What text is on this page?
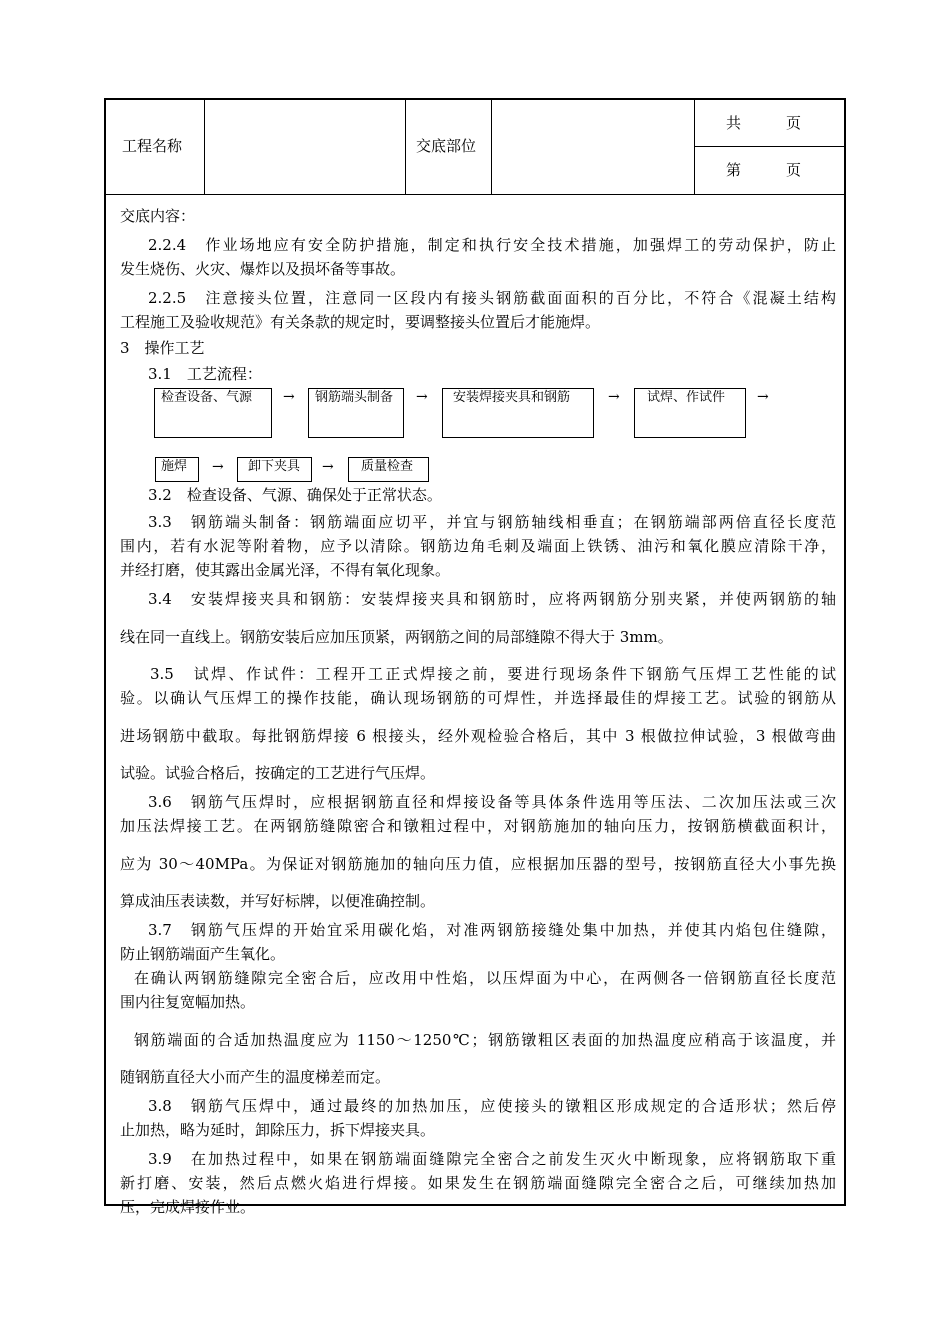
工程名称	交底部位
共　　　页
第　　　页
交底内容：
2.2.4　作业场地应有安全防护措施，制定和执行安全技术措施，加强焊工的劳动保护，防止
发生烧伤、火灾、爆炸以及损坏备等事故。
2.2.5　注意接头位置，注意同一区段内有接头钢筋截面面积的百分比，不符合《混凝土结构
工程施工及验收规范》有关条款的规定时，要调整接头位置后才能施焊。
3　操作工艺
3.1　工艺流程：
检查设备、气源	→	钢筋端头制备	→	安装焊接夹具和钢筋	→	试焊、作试件	→
施焊	→	卸下夹具	→	质量检查
3.2　检查设备、气源、确保处于正常状态。
3.3　钢筋端头制备：钢筋端面应切平，并宜与钢筋轴线相垂直；在钢筋端部两倍直径长度范
围内，若有水泥等附着物，应予以清除。钢筋边角毛刺及端面上铁锈、油污和氧化膜应清除干净，
并经打磨，使其露出金属光泽，不得有氧化现象。
3.4　安装焊接夹具和钢筋：安装焊接夹具和钢筋时，应将两钢筋分别夹紧，并使两钢筋的轴
线在同一直线上。钢筋安装后应加压顶紧，两钢筋之间的局部缝隙不得大于 3mm。
3.5　试焊、作试件：工程开工正式焊接之前，要进行现场条件下钢筋气压焊工艺性能的试
验。以确认气压焊工的操作技能，确认现场钢筋的可焊性，并选择最佳的焊接工艺。试验的钢筋从
进场钢筋中截取。每批钢筋焊接 6 根接头，经外观检验合格后，其中 3 根做拉伸试验，3 根做弯曲
试验。试验合格后，按确定的工艺进行气压焊。
3.6　钢筋气压焊时，应根据钢筋直径和焊接设备等具体条件选用等压法、二次加压法或三次
加压法焊接工艺。在两钢筋缝隙密合和镦粗过程中，对钢筋施加的轴向压力，按钢筋横截面积计，
应为 30～40MPa。为保证对钢筋施加的轴向压力值，应根据加压器的型号，按钢筋直径大小事先换
算成油压表读数，并写好标牌，以便准确控制。
3.7　钢筋气压焊的开始宜采用碳化焰，对准两钢筋接缝处集中加热，并使其内焰包住缝隙，
防止钢筋端面产生氧化。
在确认两钢筋缝隙完全密合后，应改用中性焰，以压焊面为中心，在两侧各一倍钢筋直径长度范
围内往复宽幅加热。
钢筋端面的合适加热温度应为 1150～1250℃；钢筋镦粗区表面的加热温度应稍高于该温度，并
随钢筋直径大小而产生的温度梯差而定。
3.8　钢筋气压焊中，通过最终的加热加压，应使接头的镦粗区形成规定的合适形状；然后停
止加热，略为延时，卸除压力，拆下焊接夹具。
3.9　在加热过程中，如果在钢筋端面缝隙完全密合之前发生灭火中断现象，应将钢筋取下重
新打磨、安装，然后点燃火焰进行焊接。如果发生在钢筋端面缝隙完全密合之后，可继续加热加
压，完成焊接作业。
